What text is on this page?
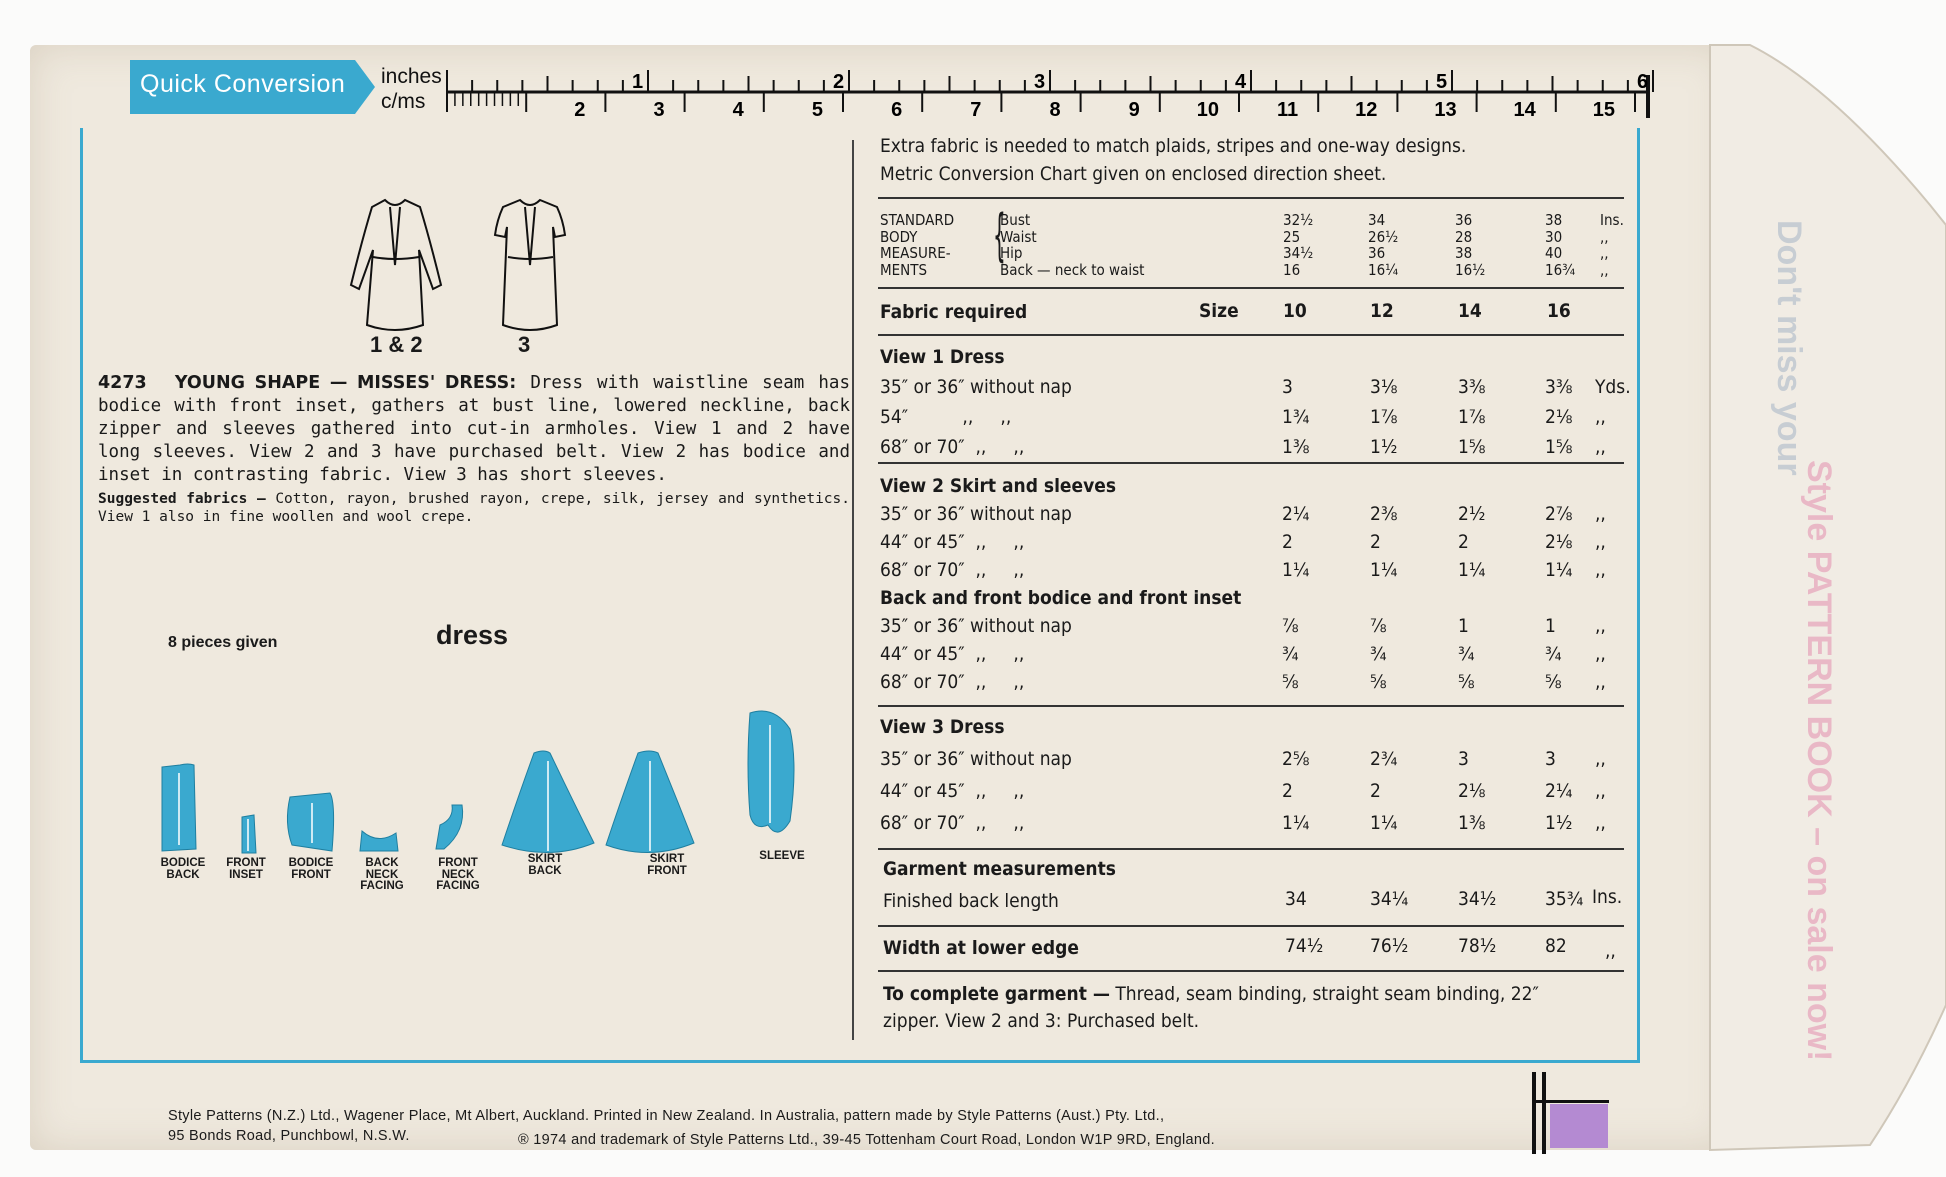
Don't miss your
Style PATTERN BOOK – on sale now!
Quick Conversion inches
c/ms
1	2	3	4	5	6
2	3	4	5	6	7	8	9	10	11	12	13	14	15
1 & 2	3
4273 YOUNG SHAPE — MISSES' DRESS: Dress with waistline seam has bodice with front inset, gathers at bust line, lowered neckline, back zipper and sleeves gathered into cut-in armholes. View 1 and 2 have long sleeves. View 2 and 3 have purchased belt. View 2 has bodice and inset in contrasting fabric. View 3 has short sleeves.
Suggested fabrics — Cotton, rayon, brushed rayon, crepe, silk, jersey and synthetics. View 1 also in fine woollen and wool crepe.
8 pieces given	dress
BODICE
BACK
FRONT
INSET
BODICE
FRONT
BACK
NECK
FACING
FRONT
NECK
FACING
SKIRT
BACK
SKIRT
FRONT
SLEEVE
Extra fabric is needed to match plaids, stripes and one-way designs.
Metric Conversion Chart given on enclosed direction sheet.
STANDARD
BODY
MEASURE-
MENTS
{
Bust	32½	34	36	38	Ins.
Waist	25	26½	28	30	,,
Hip	34½	36	38	40	,,
Back — neck to waist	16	16¼	16½	16¾ ,,
Fabric required	Size 10	12	14	16
View 1 Dress
35″ or 36″ without nap	3	3⅛	3⅜	3⅜ Yds.
54″          ,,     ,,	1¾	1⅞	1⅞	2⅛ ,,
68″ or 70″  ,,     ,,	1⅜	1½	1⅝	1⅝ ,,
View 2 Skirt and sleeves
35″ or 36″ without nap	2¼	2⅜	2½	2⅞ ,,
44″ or 45″  ,,     ,,	2	2	2	2⅛ ,,
68″ or 70″  ,,     ,,	1¼	1¼	1¼	1¼ ,,
Back and front bodice and front inset
35″ or 36″ without nap	⅞	⅞	1	1 ,,
44″ or 45″  ,,     ,,	¾	¾	¾	¾ ,,
68″ or 70″  ,,     ,,	⅝	⅝	⅝	⅝ ,,
View 3 Dress
35″ or 36″ without nap	2⅝	2¾	3	3 ,,
44″ or 45″  ,,     ,,	2	2	2⅛	2¼ ,,
68″ or 70″  ,,     ,,	1¼	1¼	1⅜	1½ ,,
Garment measurements
Finished back length	34	34¼	34½	35¾ Ins.
Width at lower edge	74½ 76½	78½	82 ,,
To complete garment — Thread, seam binding, straight seam binding, 22″
zipper. View 2 and 3: Purchased belt.
Style Patterns (N.Z.) Ltd., Wagener Place, Mt Albert, Auckland. Printed in New Zealand. In Australia, pattern made by Style Patterns (Aust.) Pty. Ltd.,
95 Bonds Road, Punchbowl, N.S.W.	® 1974 and trademark of Style Patterns Ltd., 39-45 Tottenham Court Road, London W1P 9RD, England.
